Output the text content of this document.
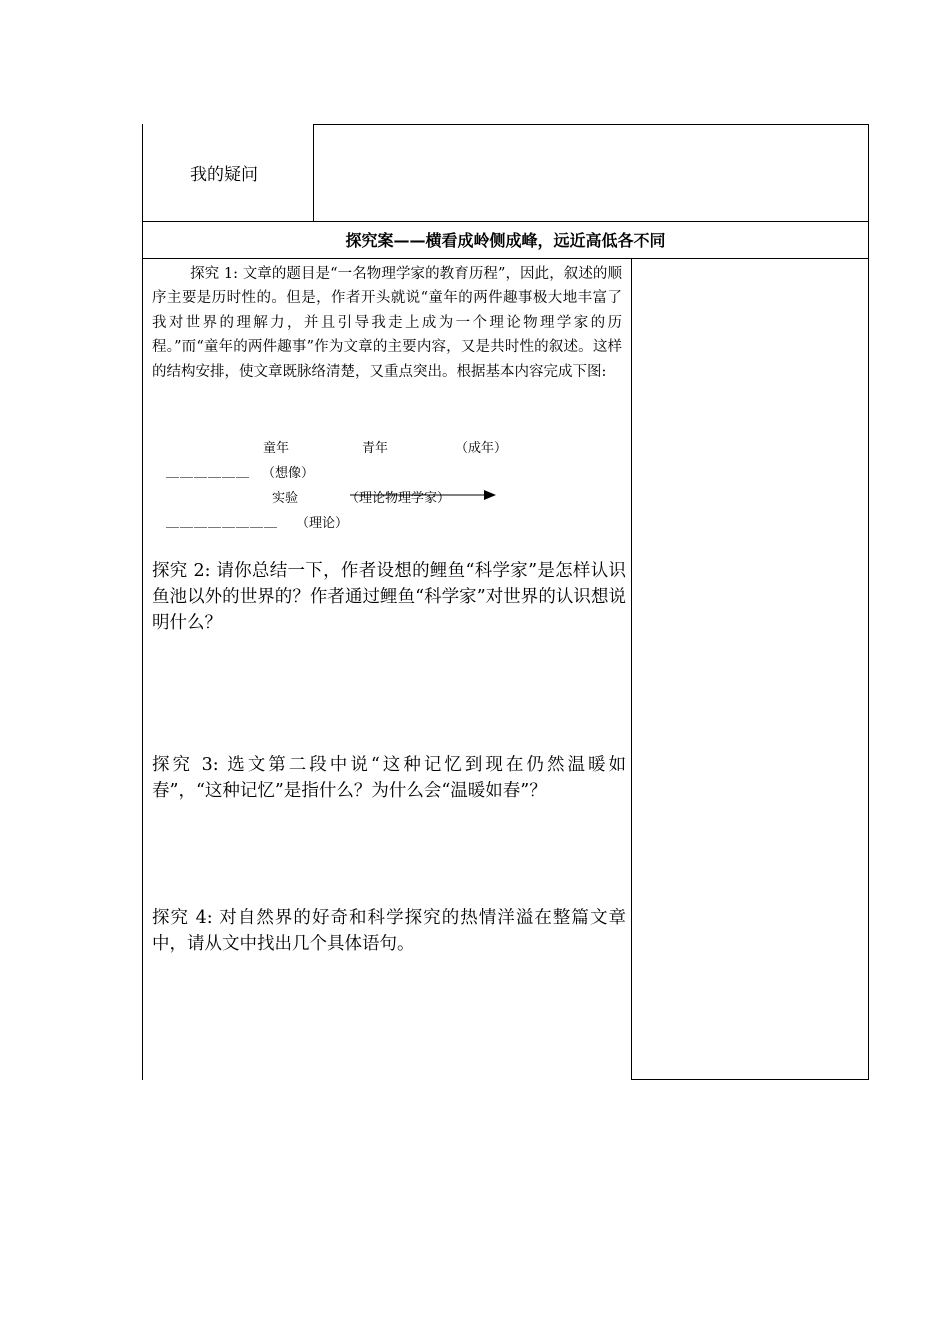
我的疑问
探究案——横看成岭侧成峰，远近高低各不同
探究 1: 文章的题目是“一名物理学家的教育历程”，因此，叙述的顺序主要是历时性的。但是，作者开头就说“童年的两件趣事极大地丰富了我对世界的理解力，并且引导我走上成为一个理论物理学家的历程。”而“童年的两件趣事”作为文章的主要内容，又是共时性的叙述。这样的结构安排，使文章既脉络清楚，又重点突出。根据基本内容完成下图:
童年	青年	（成年）
＿＿＿＿＿＿ （想像）
实验	（理论物理学家）
＿＿＿＿＿＿＿＿ （理论）
探究 2: 请你总结一下，作者设想的鲤鱼“科学家”是怎样认识鱼池以外的世界的？作者通过鲤鱼“科学家”对世界的认识想说明什么？
探究 3: 选文第二段中说“这种记忆到现在仍然温暖如春”，“这种记忆”是指什么？为什么会“温暖如春”？
探究 4: 对自然界的好奇和科学探究的热情洋溢在整篇文章中，请从文中找出几个具体语句。
